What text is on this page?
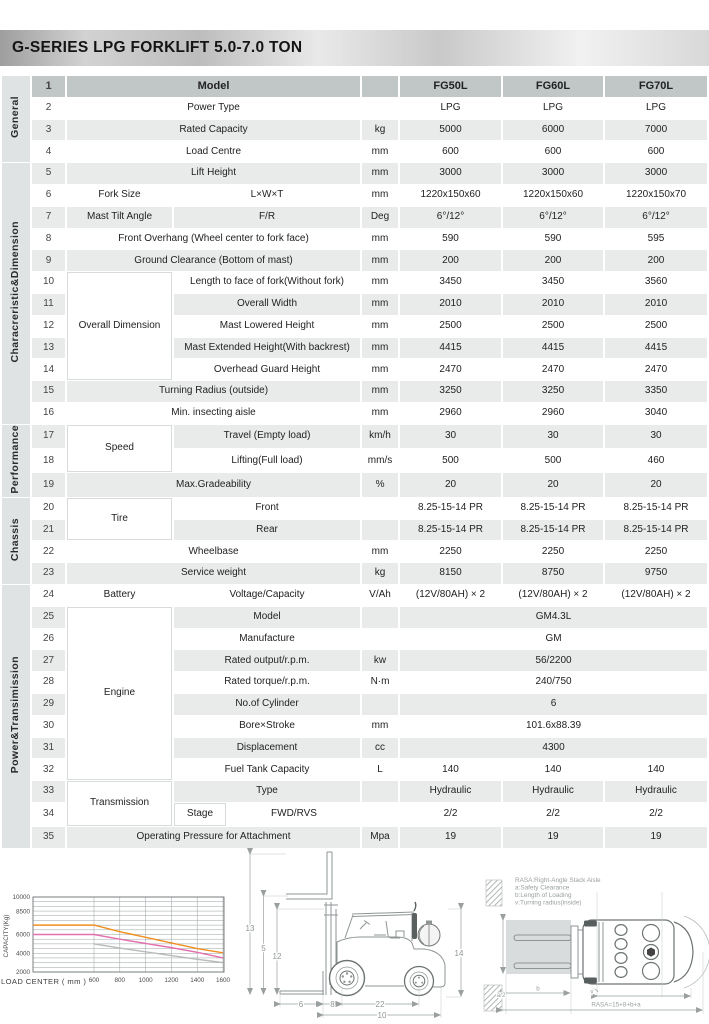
G-SERIES LPG FORKLIFT 5.0-7.0 TON
General	1	Model				FG50L	FG60L	FG70L
	2	Power Type				LPG	LPG	LPG
	3	Rated Capacity			kg	5000	6000	7000
	4	Load Centre			mm	600	600	600
Characreristic&Dimension	5	Lift Height			mm	3000	3000	3000
	6	Fork Size	L×W×T		mm	1220x150x60	1220x150x60	1220x150x70
	7	Mast Tilt Angle	F/R		Deg	6°/12°	6°/12°	6°/12°
	8	Front Overhang (Wheel center to fork face)			mm	590	590	595
	9	Ground Clearance (Bottom of mast)			mm	200	200	200
	10	Overall Dimension	Length to face of fork(Without fork)		mm	3450	3450	3560
	11		Overall Width		mm	2010	2010	2010
	12		Mast Lowered Height		mm	2500	2500	2500
	13		Mast Extended Height(With backrest)		mm	4415	4415	4415
	14		Overhead Guard Height		mm	2470	2470	2470
	15	Turning Radius (outside)			mm	3250	3250	3350
	16	Min. insecting aisle			mm	2960	2960	3040
Performance	17	Speed	Travel (Empty load)		km/h	30	30	30
	18		Lifting(Full load)		mm/s	500	500	460
	19	Max.Gradeability			%	20	20	20
Chassis	20	Tire	Front			8.25-15-14 PR	8.25-15-14 PR	8.25-15-14 PR
	21		Rear			8.25-15-14 PR	8.25-15-14 PR	8.25-15-14 PR
	22	Wheelbase			mm	2250	2250	2250
	23	Service weight			kg	8150	8750	9750
Power&Transimission	24	Battery	Voltage/Capacity		V/Ah	(12V/80AH) × 2	(12V/80AH) × 2	(12V/80AH) × 2
	25	Engine	Model			GM4.3L		
	26		Manufacture			GM		
	27		Rated output/r.p.m.		kw	56/2200		
	28		Rated torque/r.p.m.		N·m	240/750		
	29		No.of Cylinder			6		
	30		Bore×Stroke		mm	101.6x88.39		
	31		Displacement		cc	4300		
	32		Fuel Tank Capacity		L	140	140	140
	33	Transmission	Type			Hydraulic	Hydraulic	Hydraulic
	34		Stage	FWD/RVS		2/2	2/2	2/2
	35	Operating Pressure for Attachment			Mpa	19	19	19
CAPACITY(Kg)
LOAD CENTER ( mm )
10000
8500
6000
4000
2000
600 800 1000 1200 1400 1600
13
5
12	14
6	8	22
10
RASA:Right-Angle Stack Aisle
a:Safety Clearance
b:Length of Loading
v:Turning radius(inside)
a/2
b	v
RASA=15+8+b+a
